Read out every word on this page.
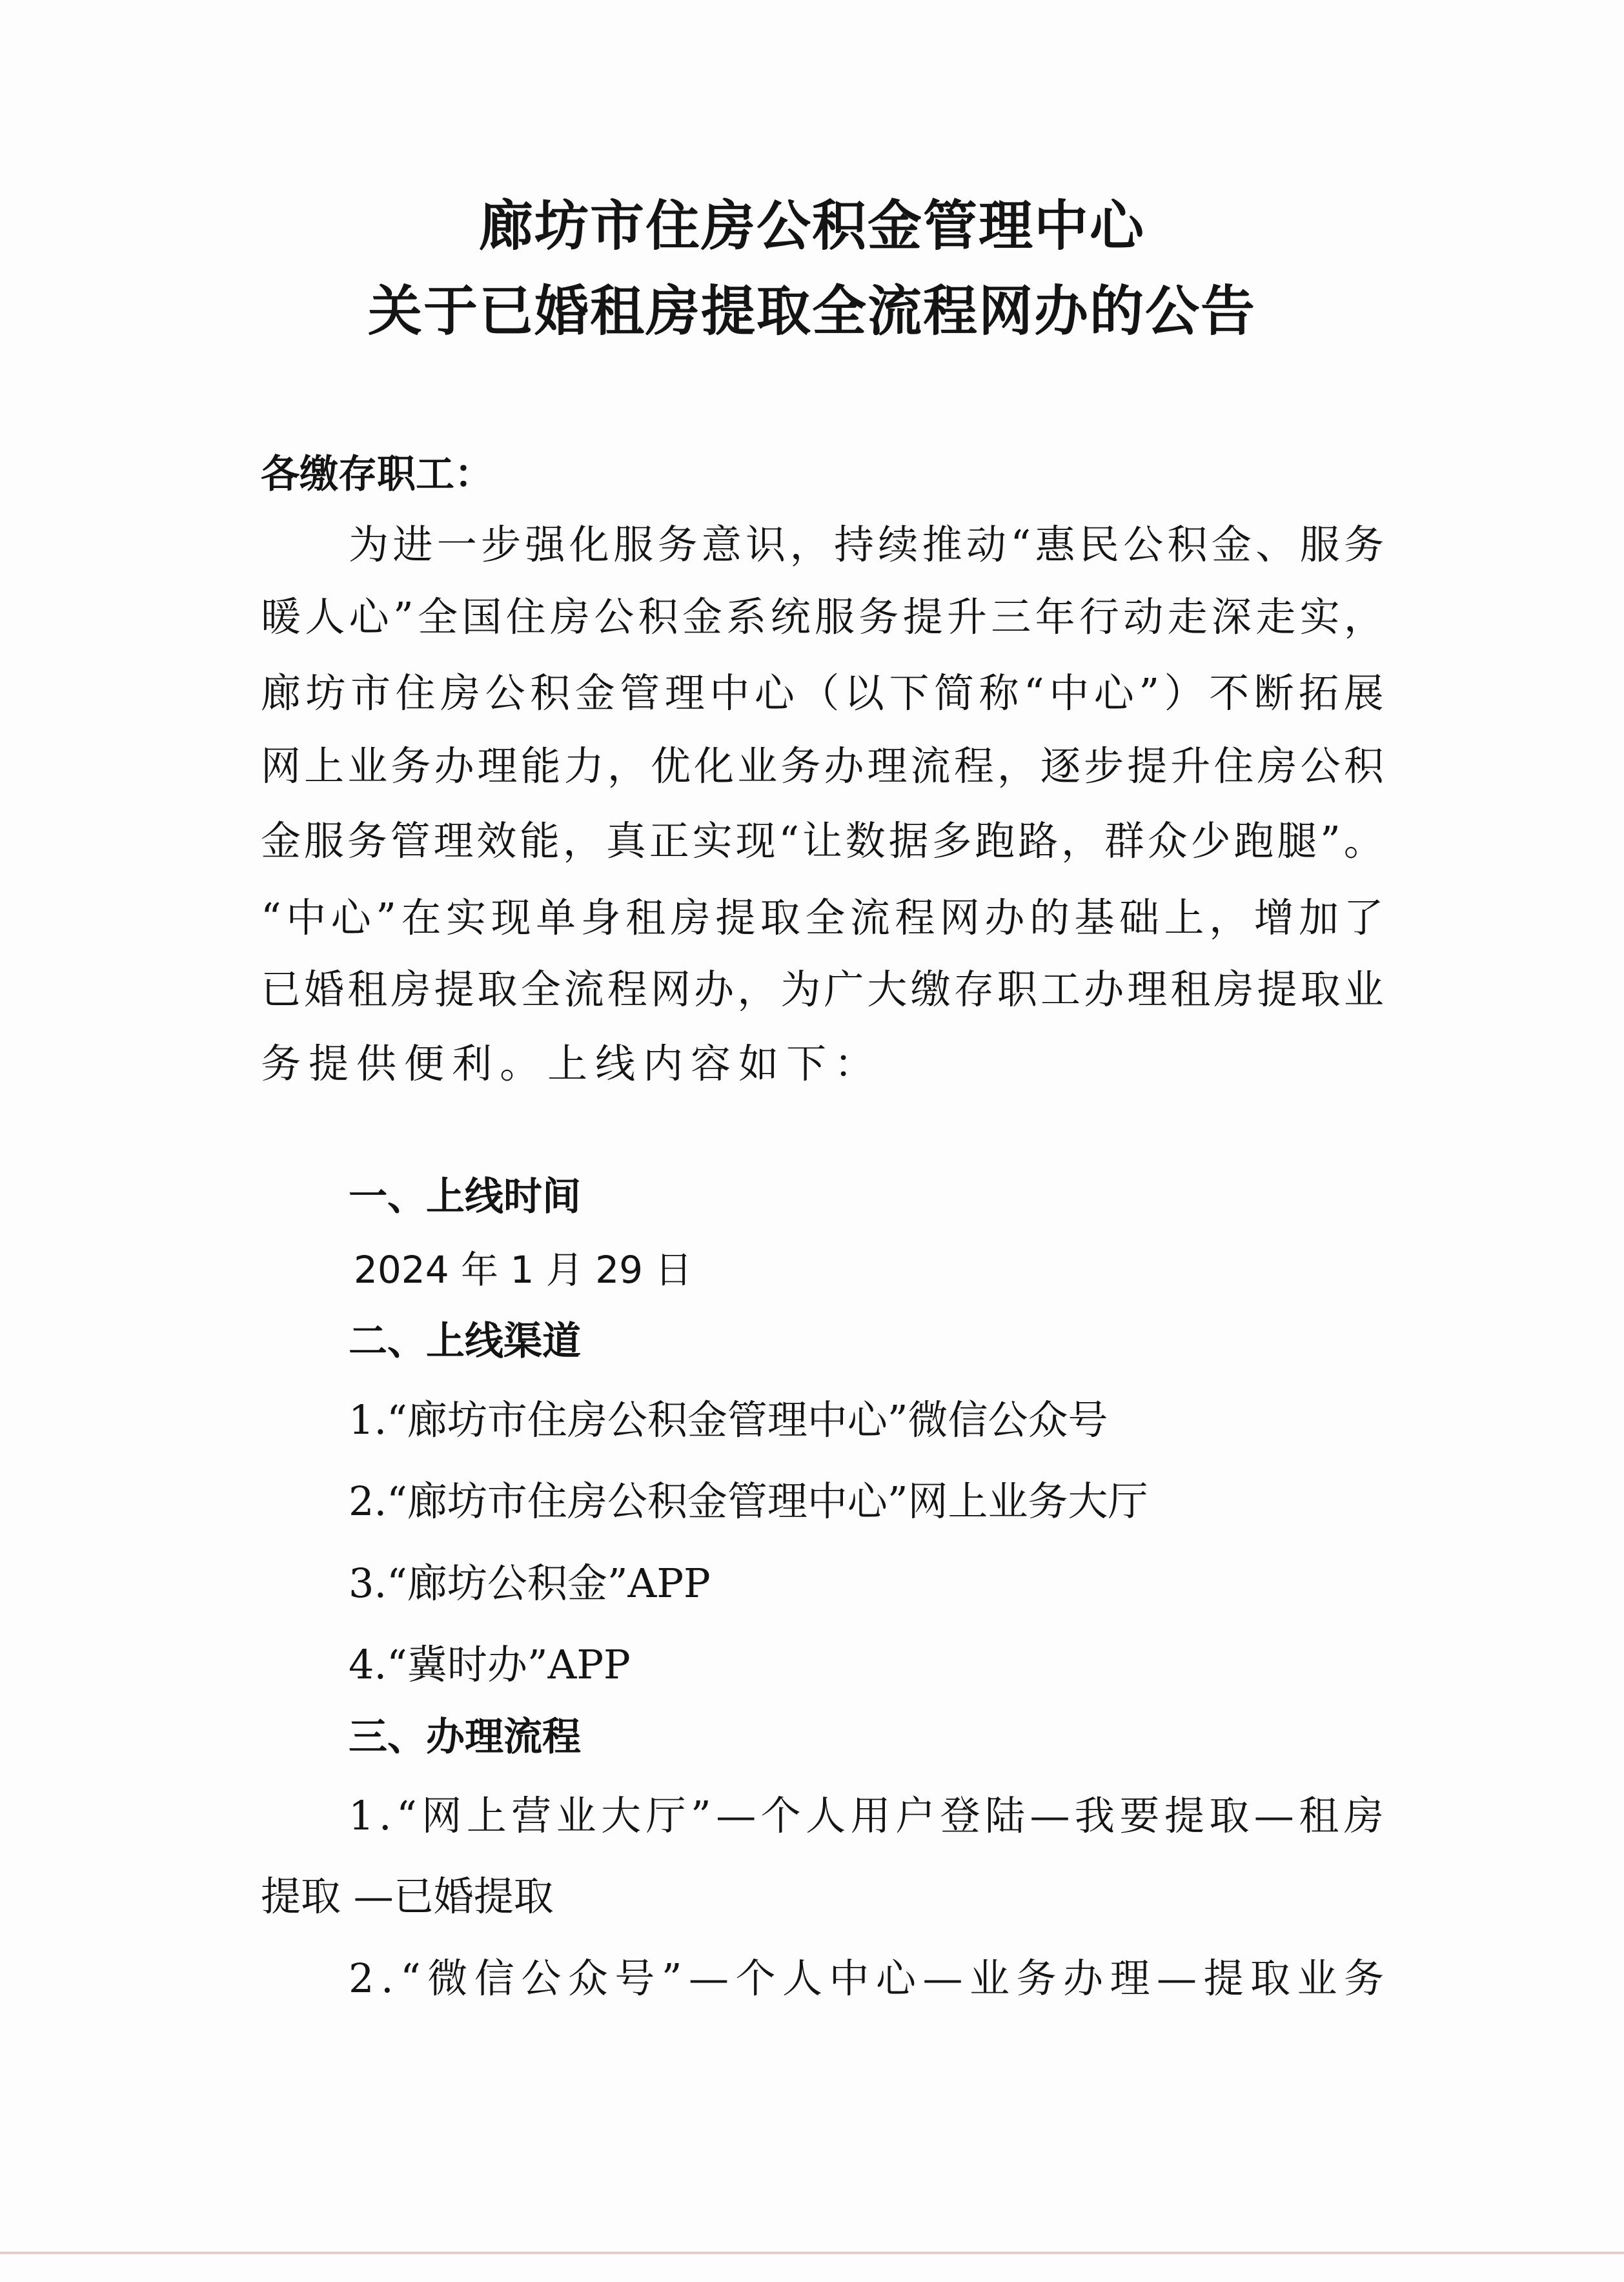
廊坊市住房公积金管理中心
关于已婚租房提取全流程网办的公告
各缴存职工：
为 进 一 步 强 化 服 务 意 识 ， 持 续 推 动 “ 惠 民 公 积 金 、 服 务
暖 人 心 ” 全 国 住 房 公 积 金 系 统 服 务 提 升 三 年 行 动 走 深 走 实 ，
廊 坊 市 住 房 公 积 金 管 理 中 心 （ 以 下 简 称 “ 中 心 ” ） 不 断 拓 展
网 上 业 务 办 理 能 力 ， 优 化 业 务 办 理 流 程 ， 逐 步 提 升 住 房 公 积
金 服 务 管 理 效 能 ， 真 正 实 现 “ 让 数 据 多 跑 路 ， 群 众 少 跑 腿 ” 。
“ 中 心 ” 在 实 现 单 身 租 房 提 取 全 流 程 网 办 的 基 础 上 ， 增 加 了
已 婚 租 房 提 取 全 流 程 网 办 ， 为 广 大 缴 存 职 工 办 理 租 房 提 取 业
务 提 供 便 利 。 上 线 内 容 如 下 ：
一、上线时间
2024 年 1 月 29 日
二、上线渠道
1.“廊坊市住房公积金管理中心”微信公众号
2.“廊坊市住房公积金管理中心”网上业务大厅
3.“廊坊公积金”APP
4.“冀时办”APP
三、办理流程
1 . “ 网 上 营 业 大 厅 ” — 个 人 用 户 登 陆 — 我 要 提 取 — 租 房
提取 —已婚提取
2 . “ 微 信 公 众 号 ” — 个 人 中 心 — 业 务 办 理 — 提 取 业 务
